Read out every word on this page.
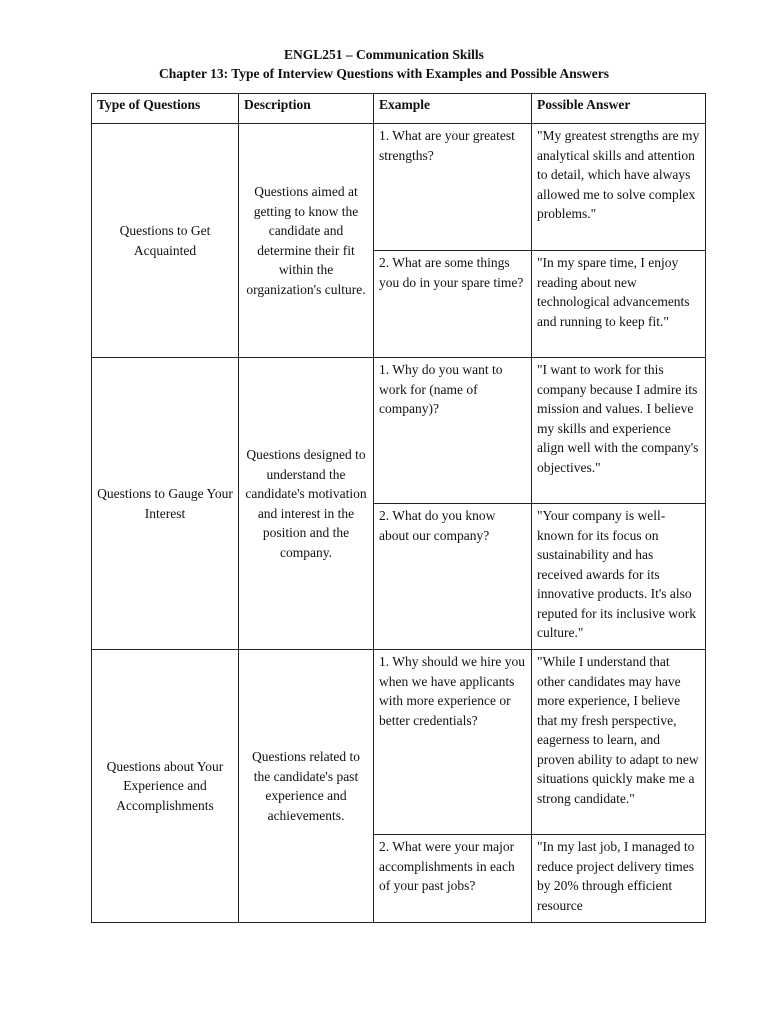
ENGL251 – Communication Skills
Chapter 13: Type of Interview Questions with Examples and Possible Answers
Type of Questions	Description	Example	Possible Answer
Questions to Get Acquainted	Questions aimed at getting to know the candidate and determine their fit within the organization's culture.	1. What are your greatest strengths?	"My greatest strengths are my analytical skills and attention to detail, which have always allowed me to solve complex problems."
		2. What are some things you do in your spare time?	"In my spare time, I enjoy reading about new technological advancements and running to keep fit."
Questions to Gauge Your Interest	Questions designed to understand the candidate's motivation and interest in the position and the company.	1. Why do you want to work for (name of company)?	"I want to work for this company because I admire its mission and values. I believe my skills and experience align well with the company's objectives."
		2. What do you know about our company?	"Your company is well-known for its focus on sustainability and has received awards for its innovative products. It's also reputed for its inclusive work culture."
Questions about Your Experience and Accomplishments	Questions related to the candidate's past experience and achievements.	1. Why should we hire you when we have applicants with more experience or better credentials?	"While I understand that other candidates may have more experience, I believe that my fresh perspective, eagerness to learn, and proven ability to adapt to new situations quickly make me a strong candidate."
		2. What were your major accomplishments in each of your past jobs?	"In my last job, I managed to reduce project delivery times by 20% through efficient resource
